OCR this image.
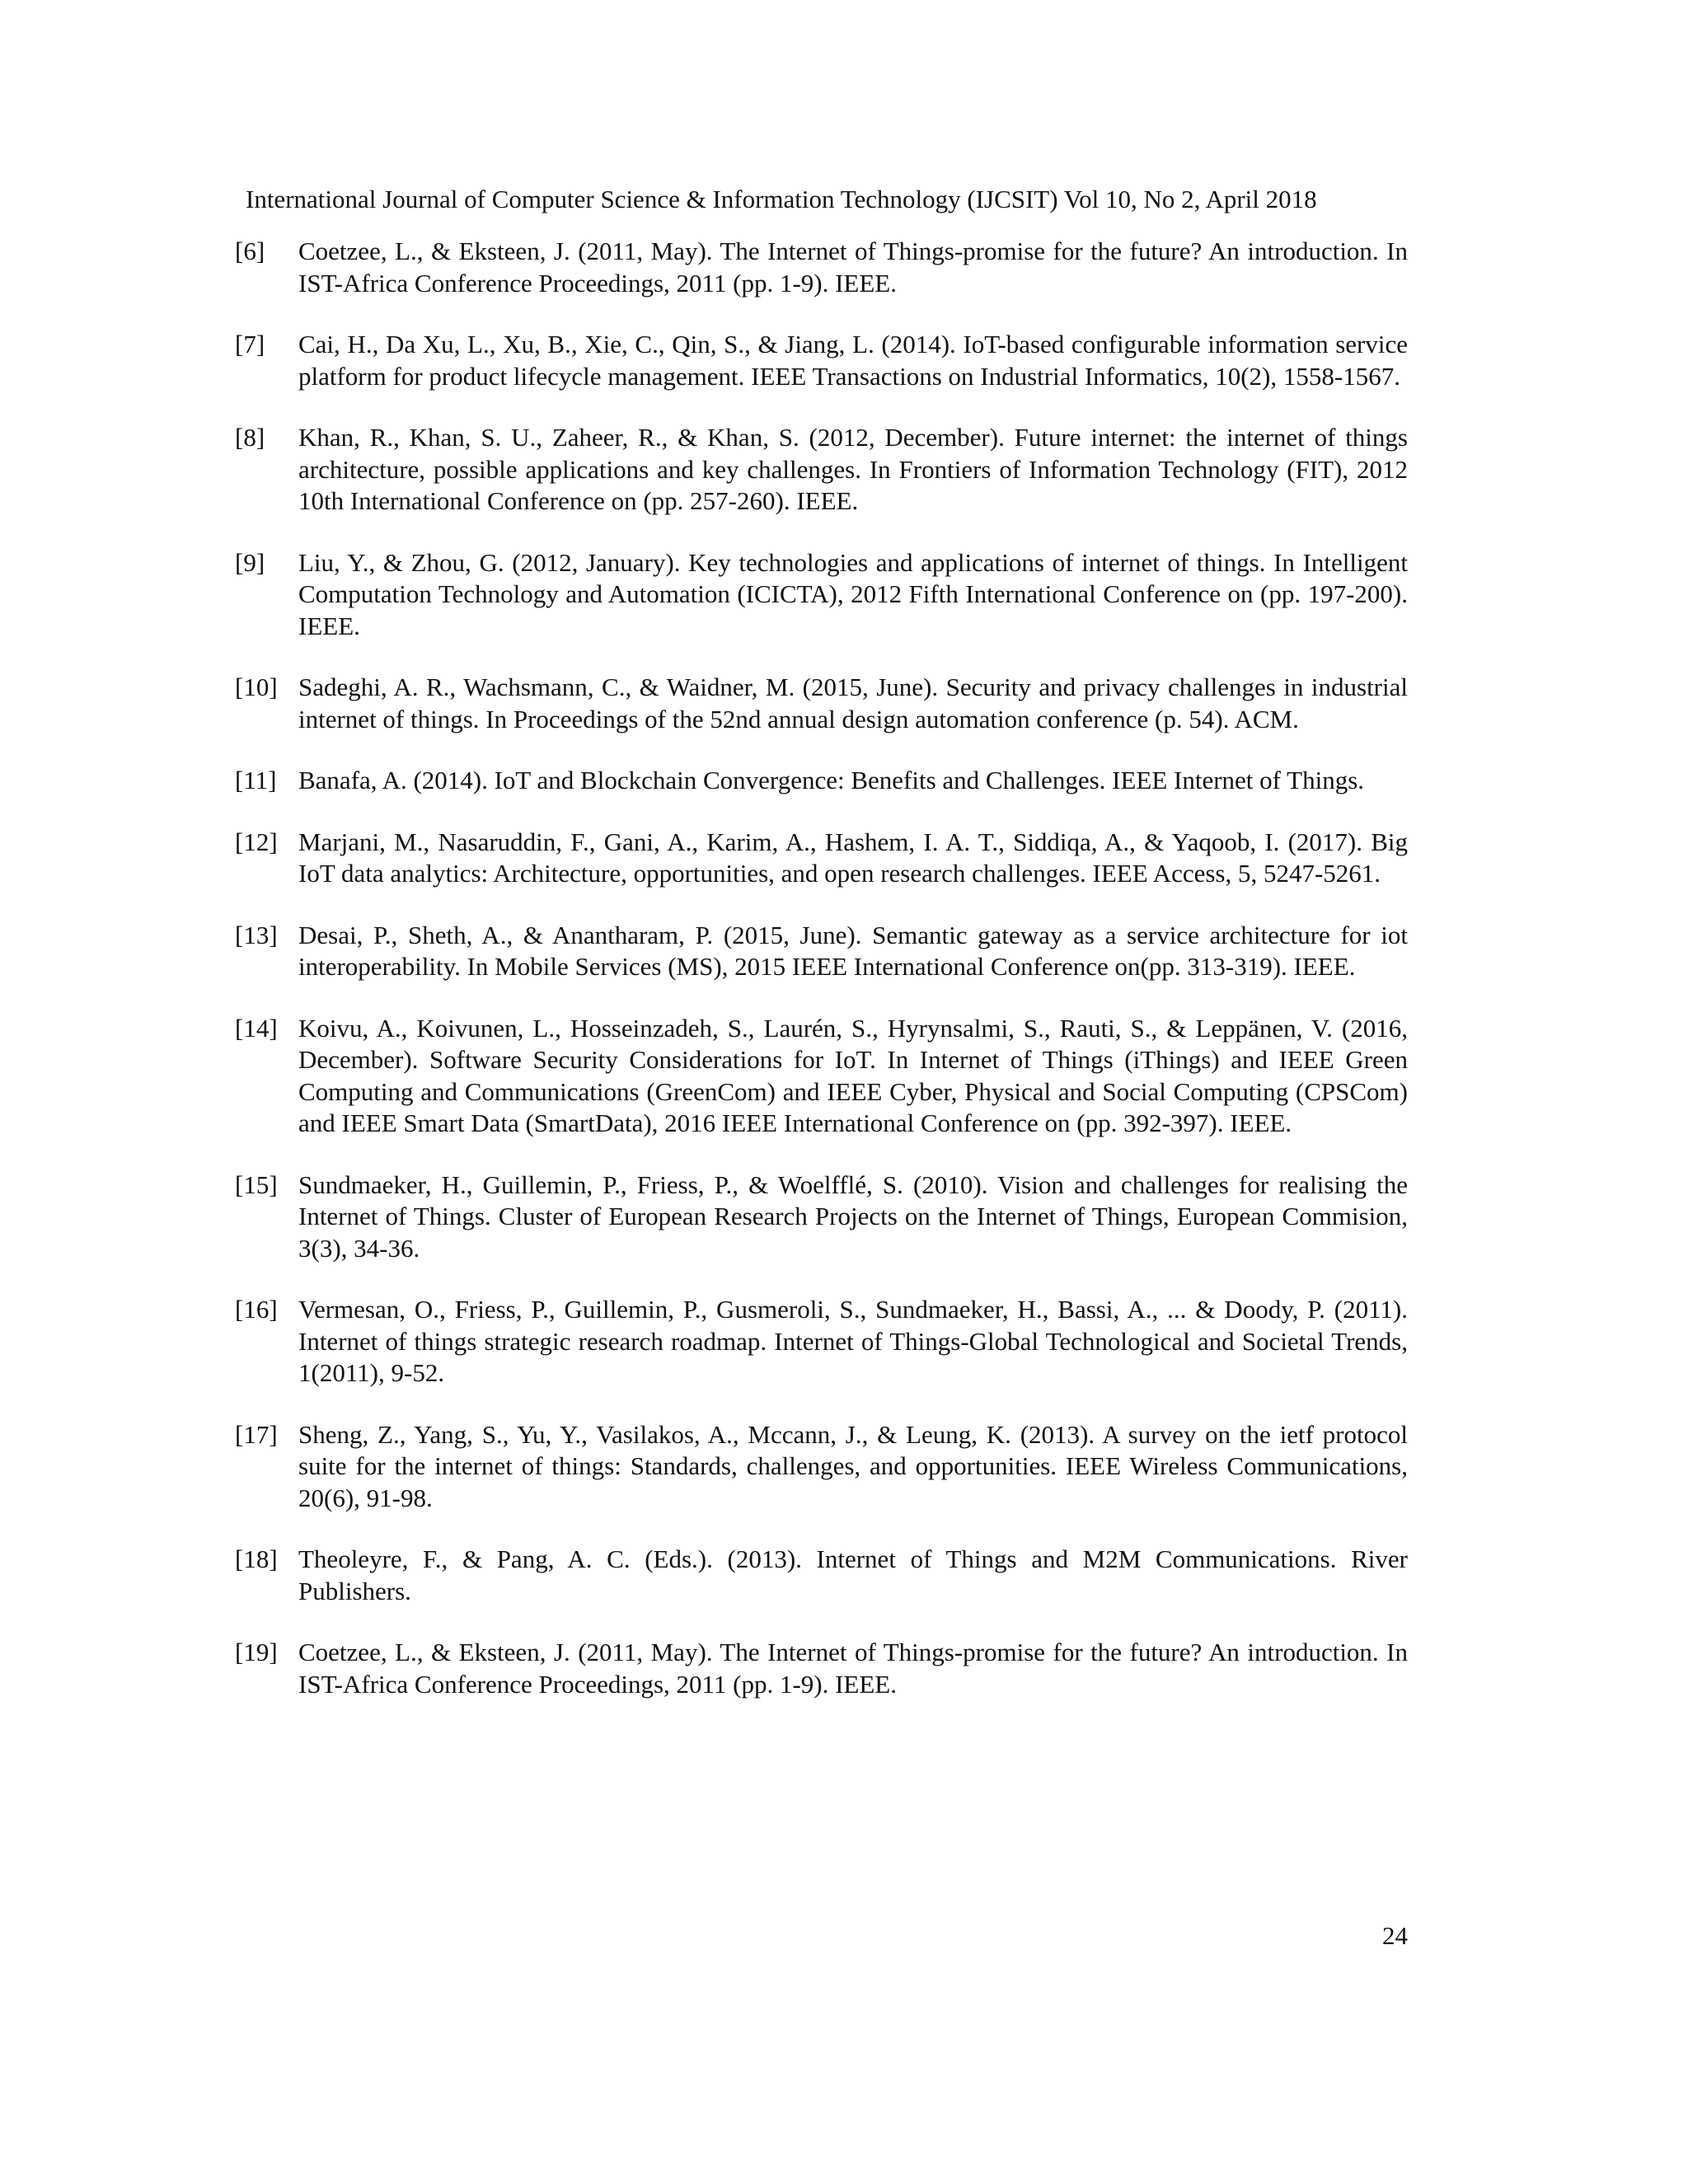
International Journal of Computer Science & Information Technology (IJCSIT) Vol 10, No 2, April 2018
[6]	Coetzee, L., & Eksteen, J. (2011, May). The Internet of Things-promise for the future? An introduction. In IST-Africa Conference Proceedings, 2011 (pp. 1-9). IEEE.
[7]	Cai, H., Da Xu, L., Xu, B., Xie, C., Qin, S., & Jiang, L. (2014). IoT-based configurable information service platform for product lifecycle management. IEEE Transactions on Industrial Informatics, 10(2), 1558-1567.
[8]	Khan, R., Khan, S. U., Zaheer, R., & Khan, S. (2012, December). Future internet: the internet of things architecture, possible applications and key challenges. In Frontiers of Information Technology (FIT), 2012 10th International Conference on (pp. 257-260). IEEE.
[9]	Liu, Y., & Zhou, G. (2012, January). Key technologies and applications of internet of things. In Intelligent Computation Technology and Automation (ICICTA), 2012 Fifth International Conference on (pp. 197-200). IEEE.
[10] Sadeghi, A. R., Wachsmann, C., & Waidner, M. (2015, June). Security and privacy challenges in industrial internet of things. In Proceedings of the 52nd annual design automation conference (p. 54). ACM.
[11] Banafa, A. (2014). IoT and Blockchain Convergence: Benefits and Challenges. IEEE Internet of Things.
[12] Marjani, M., Nasaruddin, F., Gani, A., Karim, A., Hashem, I. A. T., Siddiqa, A., & Yaqoob, I. (2017). Big IoT data analytics: Architecture, opportunities, and open research challenges. IEEE Access, 5, 5247-5261.
[13] Desai, P., Sheth, A., & Anantharam, P. (2015, June). Semantic gateway as a service architecture for iot interoperability. In Mobile Services (MS), 2015 IEEE International Conference on(pp. 313-319). IEEE.
[14] Koivu, A., Koivunen, L., Hosseinzadeh, S., Laurén, S., Hyrynsalmi, S., Rauti, S., & Leppänen, V. (2016, December). Software Security Considerations for IoT. In Internet of Things (iThings) and IEEE Green Computing and Communications (GreenCom) and IEEE Cyber, Physical and Social Computing (CPSCom) and IEEE Smart Data (SmartData), 2016 IEEE International Conference on (pp. 392-397). IEEE.
[15] Sundmaeker, H., Guillemin, P., Friess, P., & Woelfflé, S. (2010). Vision and challenges for realising the Internet of Things. Cluster of European Research Projects on the Internet of Things, European Commision, 3(3), 34-36.
[16] Vermesan, O., Friess, P., Guillemin, P., Gusmeroli, S., Sundmaeker, H., Bassi, A., ... & Doody, P. (2011). Internet of things strategic research roadmap. Internet of Things-Global Technological and Societal Trends, 1(2011), 9-52.
[17] Sheng, Z., Yang, S., Yu, Y., Vasilakos, A., Mccann, J., & Leung, K. (2013). A survey on the ietf protocol suite for the internet of things: Standards, challenges, and opportunities. IEEE Wireless Communications, 20(6), 91-98.
[18] Theoleyre, F., & Pang, A. C. (Eds.). (2013). Internet of Things and M2M Communications. River Publishers.
[19] Coetzee, L., & Eksteen, J. (2011, May). The Internet of Things-promise for the future? An introduction. In IST-Africa Conference Proceedings, 2011 (pp. 1-9). IEEE.
24
